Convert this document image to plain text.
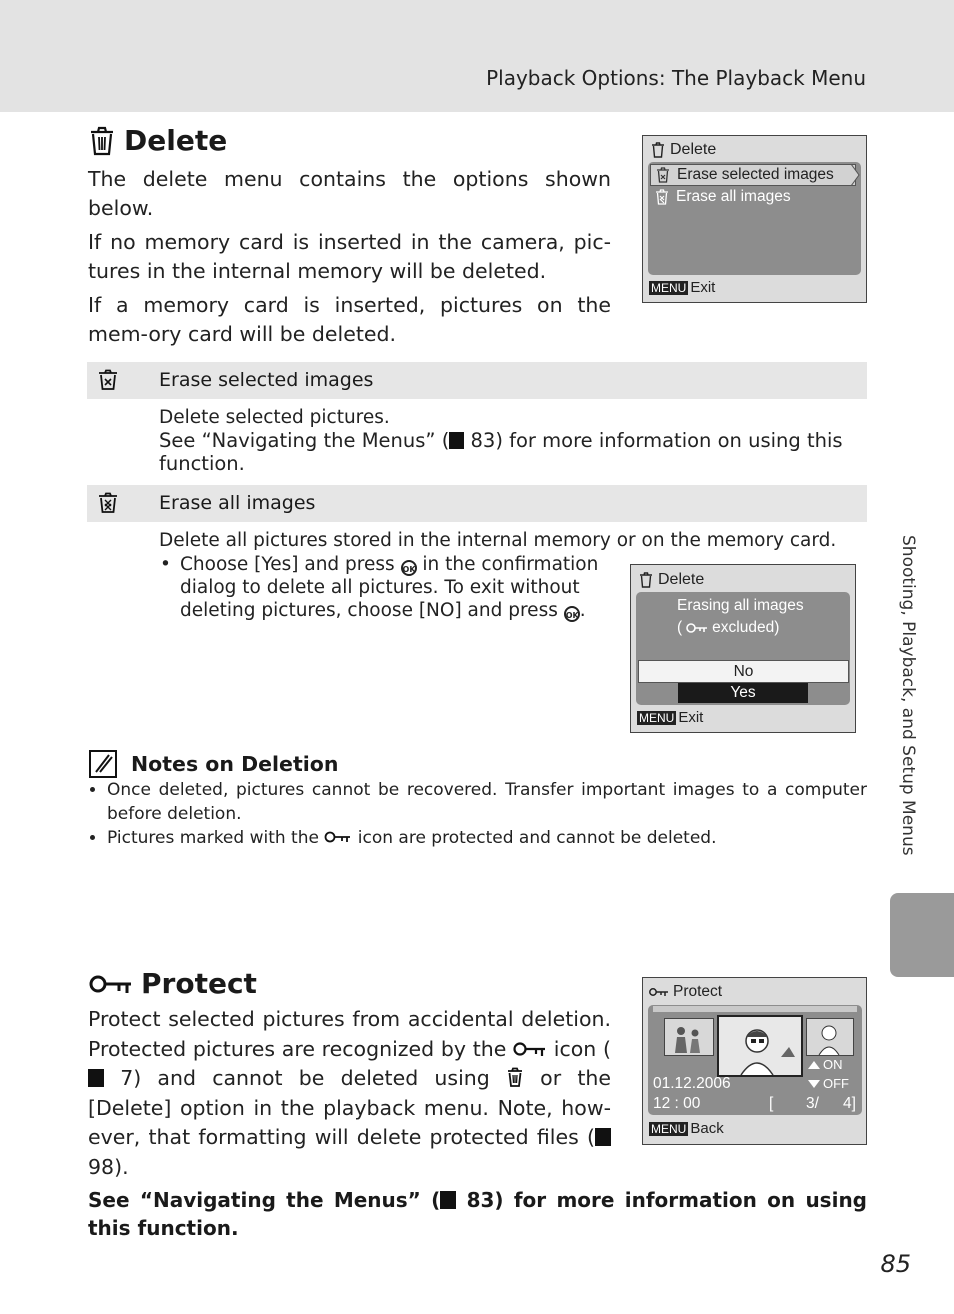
Playback Options: The Playback Menu
Delete

The delete menu contains the options shown below.

If no memory card is inserted in the camera, pic-tures in the internal memory will be deleted.

If a memory card is inserted, pictures on the mem-ory card will be deleted.

Delete
Erase selected images
Erase all images
MENU Exit
Erase selected images
Delete selected pictures.
See “Navigating the Menus” ( 83) for more information on using this function.
Erase all images
Delete all pictures stored in the internal memory or on the memory card.
• Choose [Yes] and press OK in the confirmation dialog to delete all pictures. To exit without deleting pictures, choose [NO] and press OK.
Delete
Erasing all images
( excluded)
No
Yes
MENU Exit
Notes on Deletion
• Once deleted, pictures cannot be recovered. Transfer important images to a computer before deletion.
• Pictures marked with the  icon are protected and cannot be deleted.
Protect
Protect selected pictures from accidental deletion. Protected pictures are recognized by the  icon ( 7) and cannot be deleted using  or the [Delete] option in the playback menu. Note, how-ever, that formatting will delete protected files ( 98).
See “Navigating the Menus” ( 83) for more information on using this function.
Protect
ON
OFF
01.12.2006
12 : 00	[ 3/ 4]
MENU Back
Shooting, Playback, and Setup Menus
85
